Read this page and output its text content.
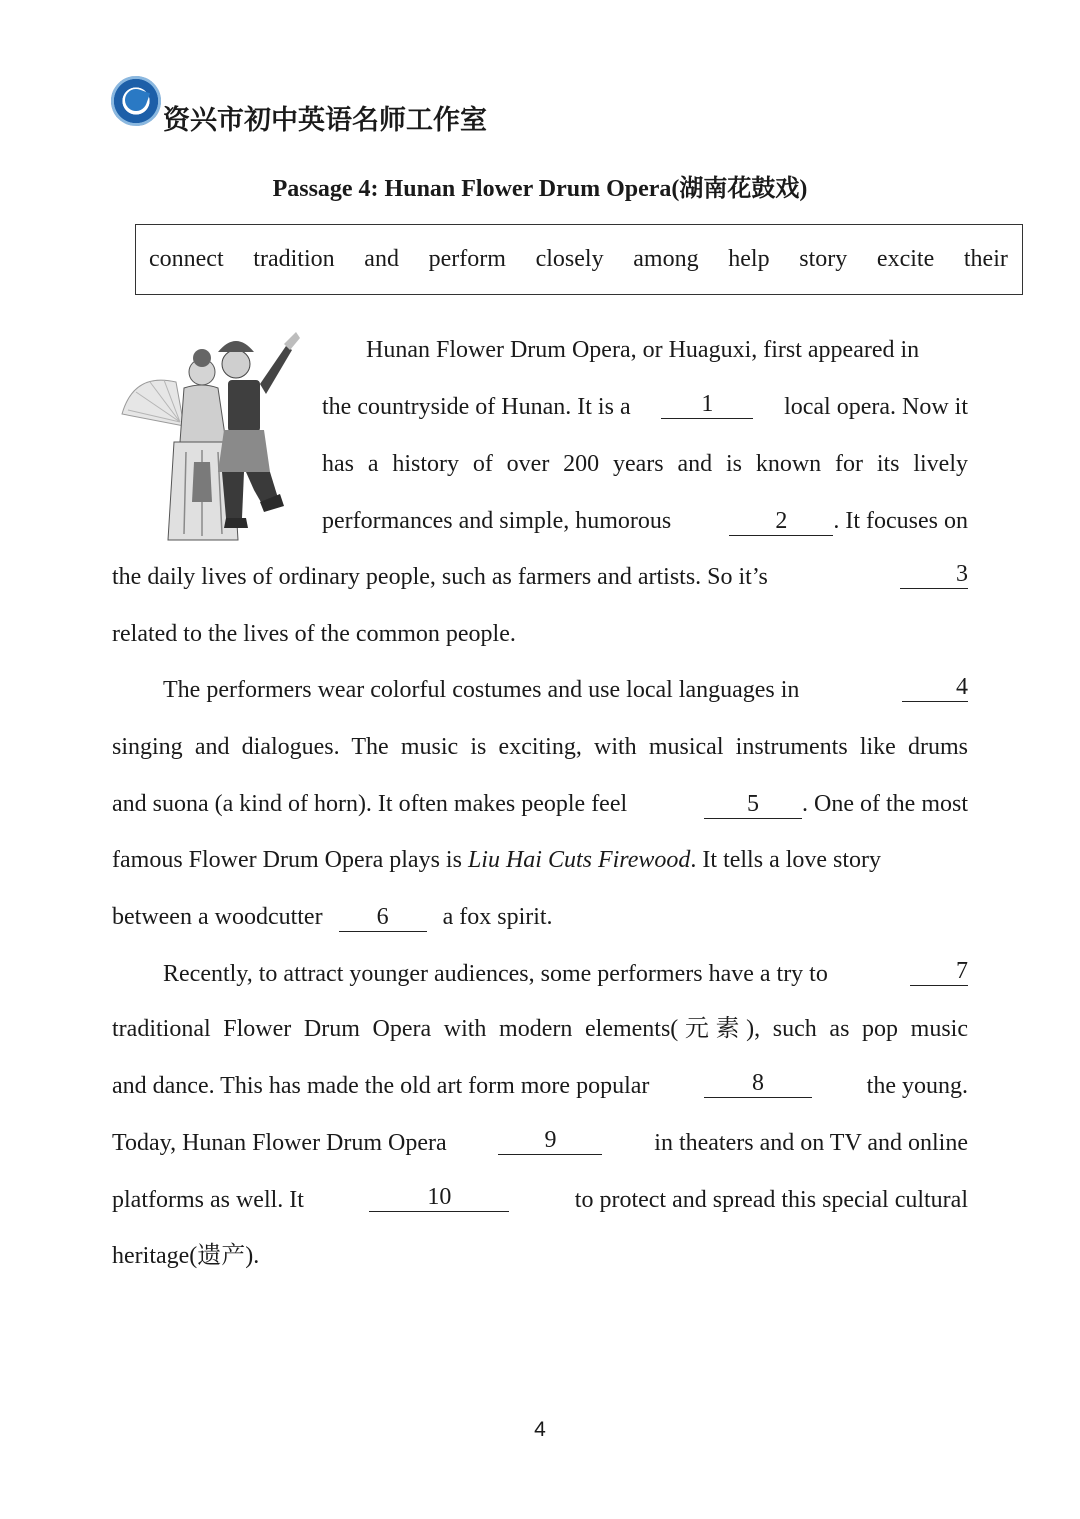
资兴市初中英语名师工作室
Passage 4: Hunan Flower Drum Opera(湖南花鼓戏)
connect tradition and perform closely among help story excite their
Hunan Flower Drum Opera, or Huaguxi, first appeared in
the countryside of Hunan. It is a	1	local opera. Now it
has a history of over 200 years and is known for its lively
performances and simple, humorous	2 . It focuses on
the daily lives of ordinary people, such as farmers and artists. So it’s	3
related to the lives of the common people.
The performers wear colorful costumes and use local languages in	4
singing and dialogues. The music is exciting, with musical instruments like drums
and suona (a kind of horn). It often makes people feel	5 . One of the most
famous Flower Drum Opera plays is Liu Hai Cuts Firewood. It tells a love story
between a woodcutter 6 a fox spirit.
Recently, to attract younger audiences, some performers have a try to	7
traditional Flower Drum Opera with modern elements(元素), such as pop music
and dance. This has made the old art form more popular	8	the young.
Today, Hunan Flower Drum Opera	9	in theaters and on TV and online
platforms as well. It	10	to protect and spread this special cultural
heritage(遗产).
4
